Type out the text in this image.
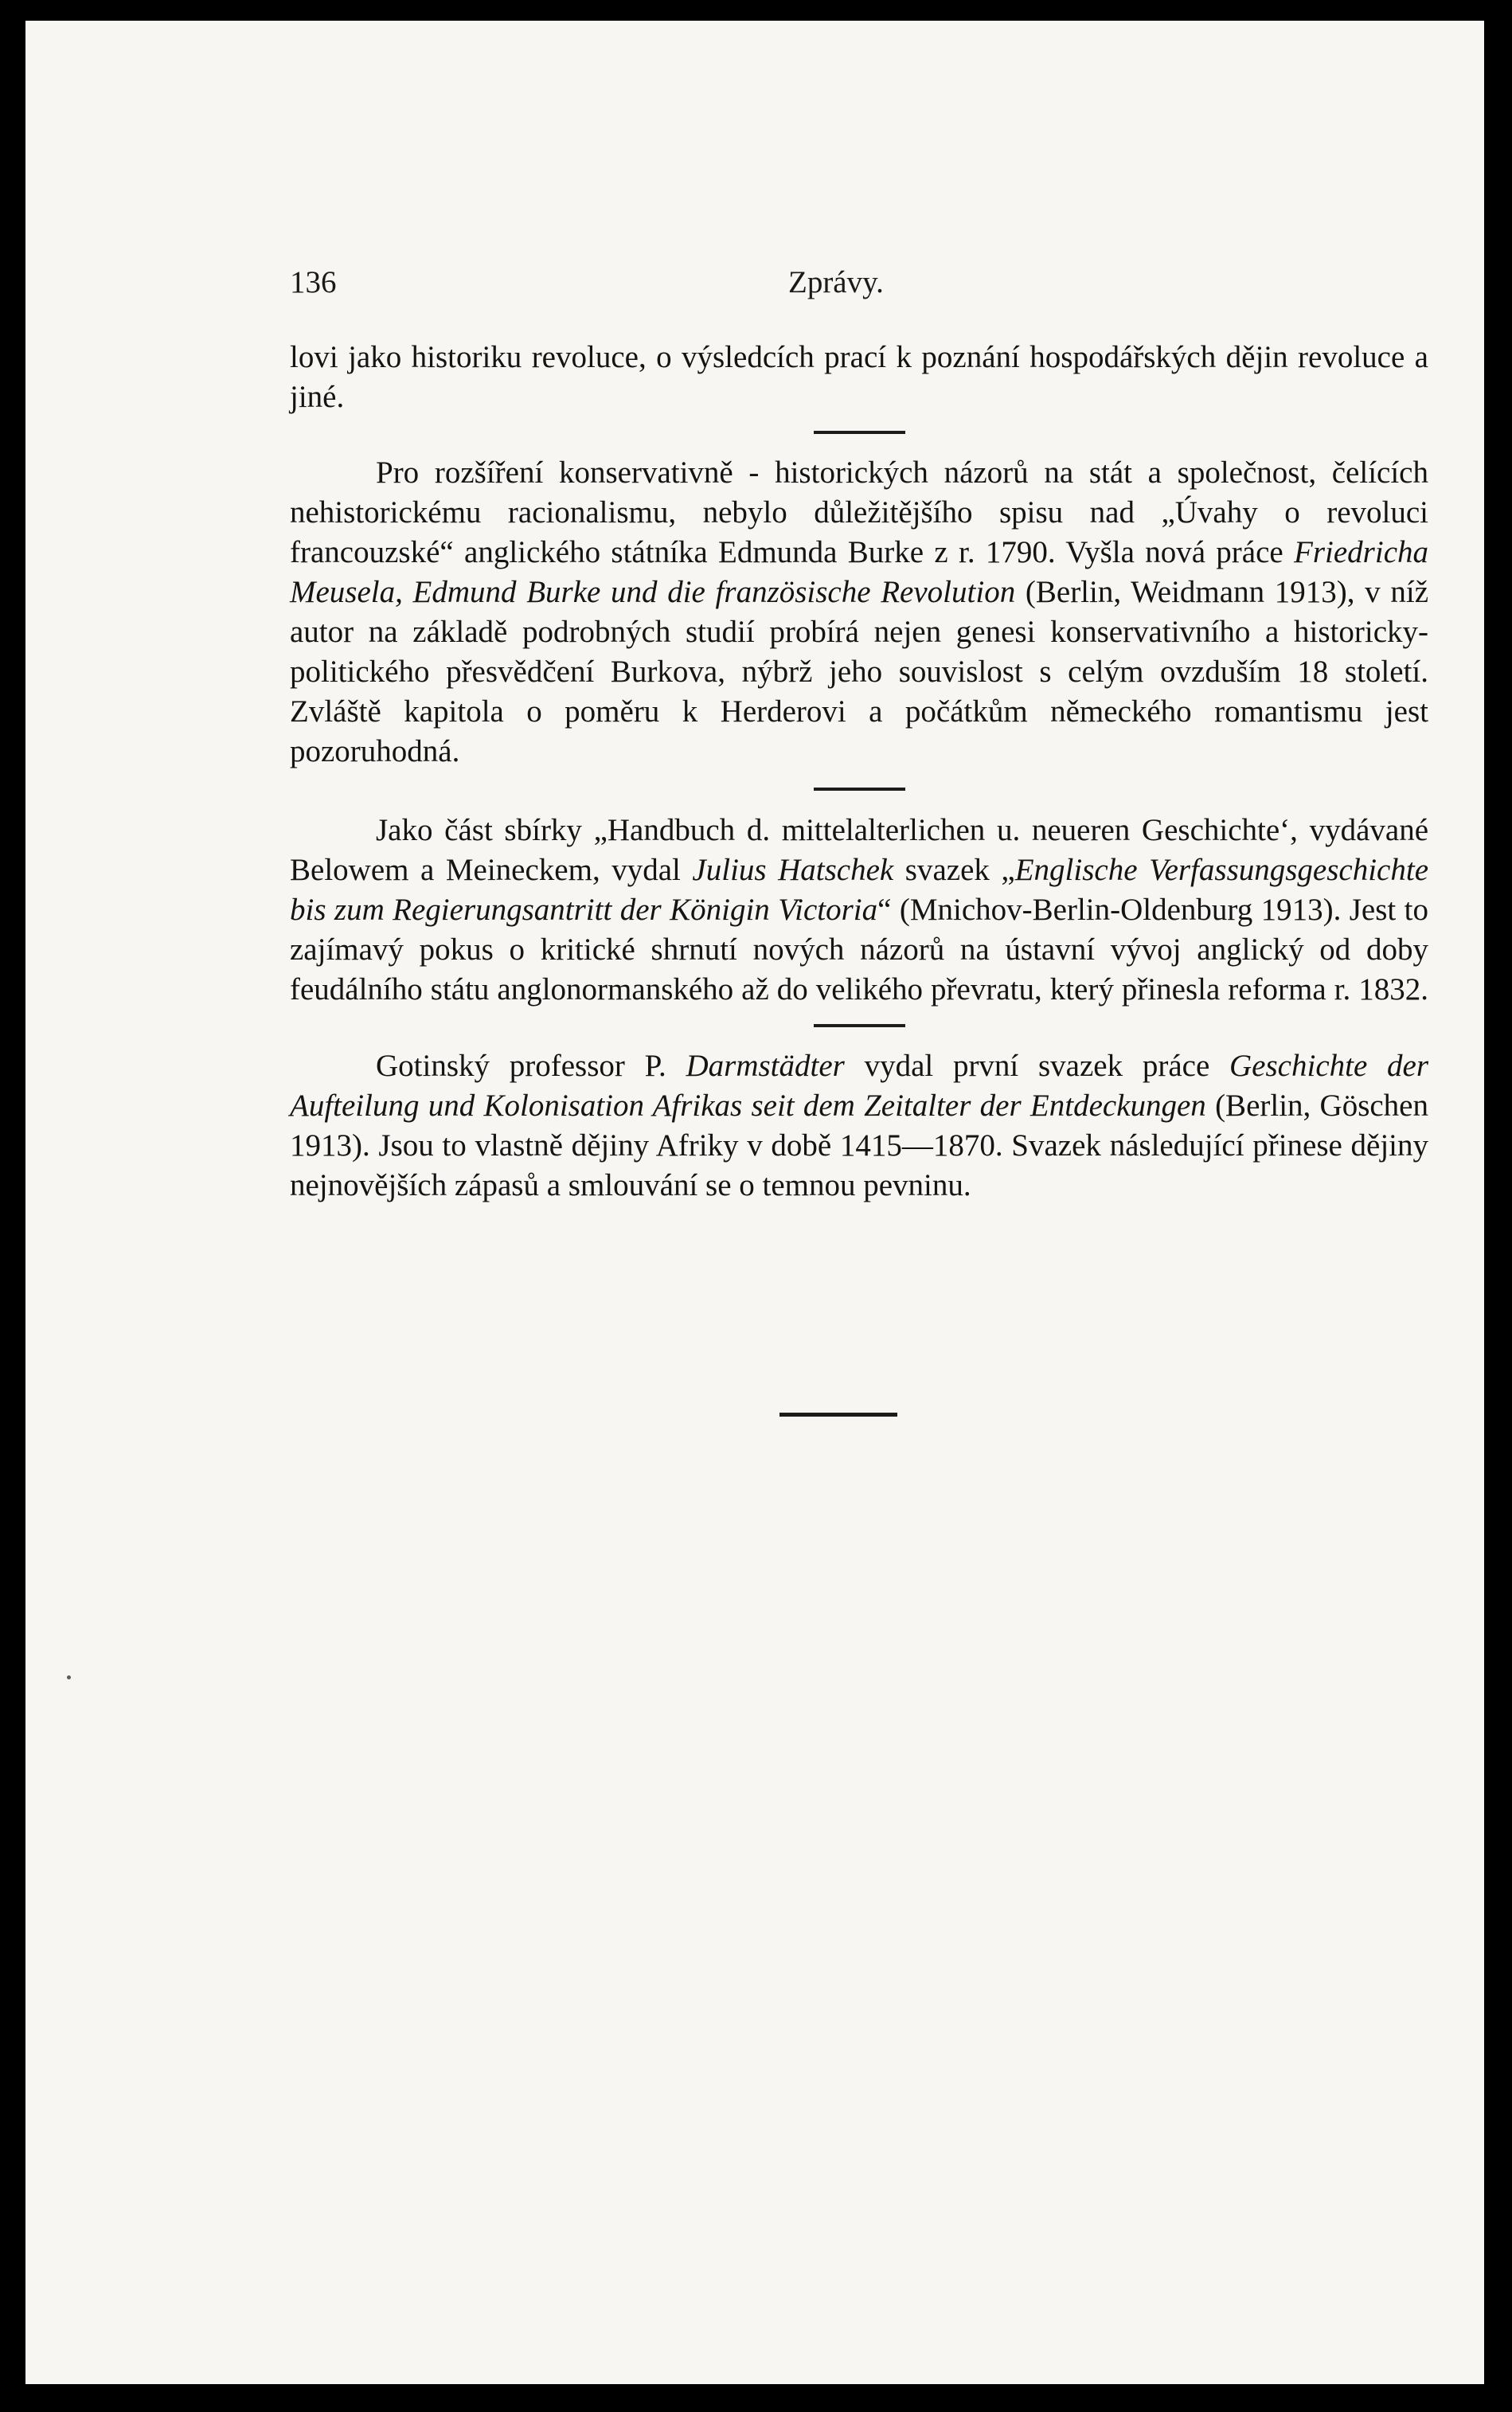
136	Zprávy.

lovi jako historiku revoluce, o výsledcích prací k poznání hospodářských dějin revoluce a jiné.

Pro rozšíření konservativně - historických názorů na stát a společnost, čelících nehistorickému racionalismu, nebylo důležitějšího spisu nad „Úvahy o revoluci francouzské“ anglického státníka Edmunda Burke z r. 1790. Vyšla nová práce Friedricha Meusela, Edmund Burke und die französische Revolution (Berlin, Weidmann 1913), v níž autor na základě podrobných studií probírá nejen genesi konservativního a historicky-politického přesvědčení Burkova, nýbrž jeho souvislost s celým ovzduším 18 století. Zvláště kapitola o poměru k Herderovi a počátkům německého romantismu jest pozoruhodná.

Jako část sbírky „Handbuch d. mittelalterlichen u. neueren Geschichte‘, vydávané Belowem a Meineckem, vydal Julius Hatschek svazek „Englische Verfassungsgeschichte bis zum Regierungsantritt der Königin Victoria“ (Mnichov-Berlin-Oldenburg 1913). Jest to zajímavý pokus o kritické shrnutí nových názorů na ústavní vývoj anglický od doby feudálního státu anglonormanského až do velikého převratu, který přinesla reforma r. 1832.

Gotinský professor P. Darmstädter vydal první svazek práce Geschichte der Aufteilung und Kolonisation Afrikas seit dem Zeitalter der Entdeckungen (Berlin, Göschen 1913). Jsou to vlastně dějiny Afriky v době 1415—1870. Svazek následující přinese dějiny nejnovějších zápasů a smlouvání se o temnou pevninu.
